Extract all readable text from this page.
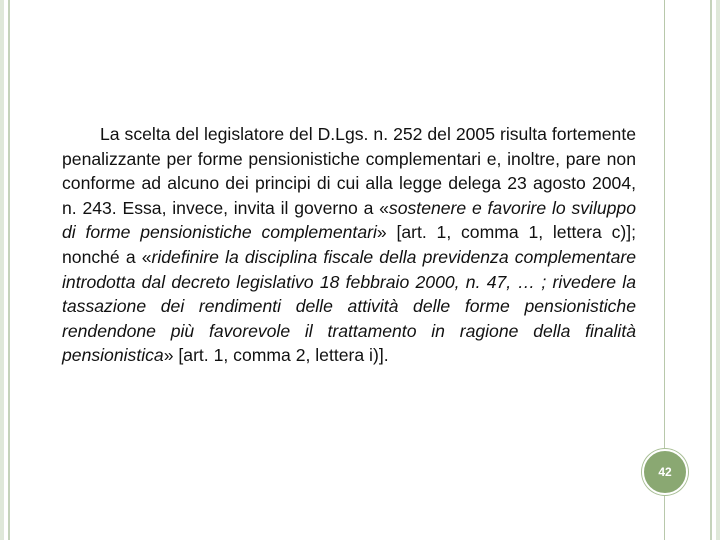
La scelta del legislatore del D.Lgs. n. 252 del 2005 risulta fortemente penalizzante per forme pensionistiche complementari e, inoltre, pare non conforme ad alcuno dei principi di cui alla legge delega 23 agosto 2004, n. 243. Essa, invece, invita il governo a «sostenere e favorire lo sviluppo di forme pensionistiche complementari» [art. 1, comma 1, lettera c)]; nonché a «ridefinire la disciplina fiscale della previdenza complementare introdotta dal decreto legislativo 18 febbraio 2000, n. 47, … ; rivedere la tassazione dei rendimenti delle attività delle forme pensionistiche rendendone più favorevole il trattamento in ragione della finalità pensionistica» [art. 1, comma 2, lettera i)].

42
